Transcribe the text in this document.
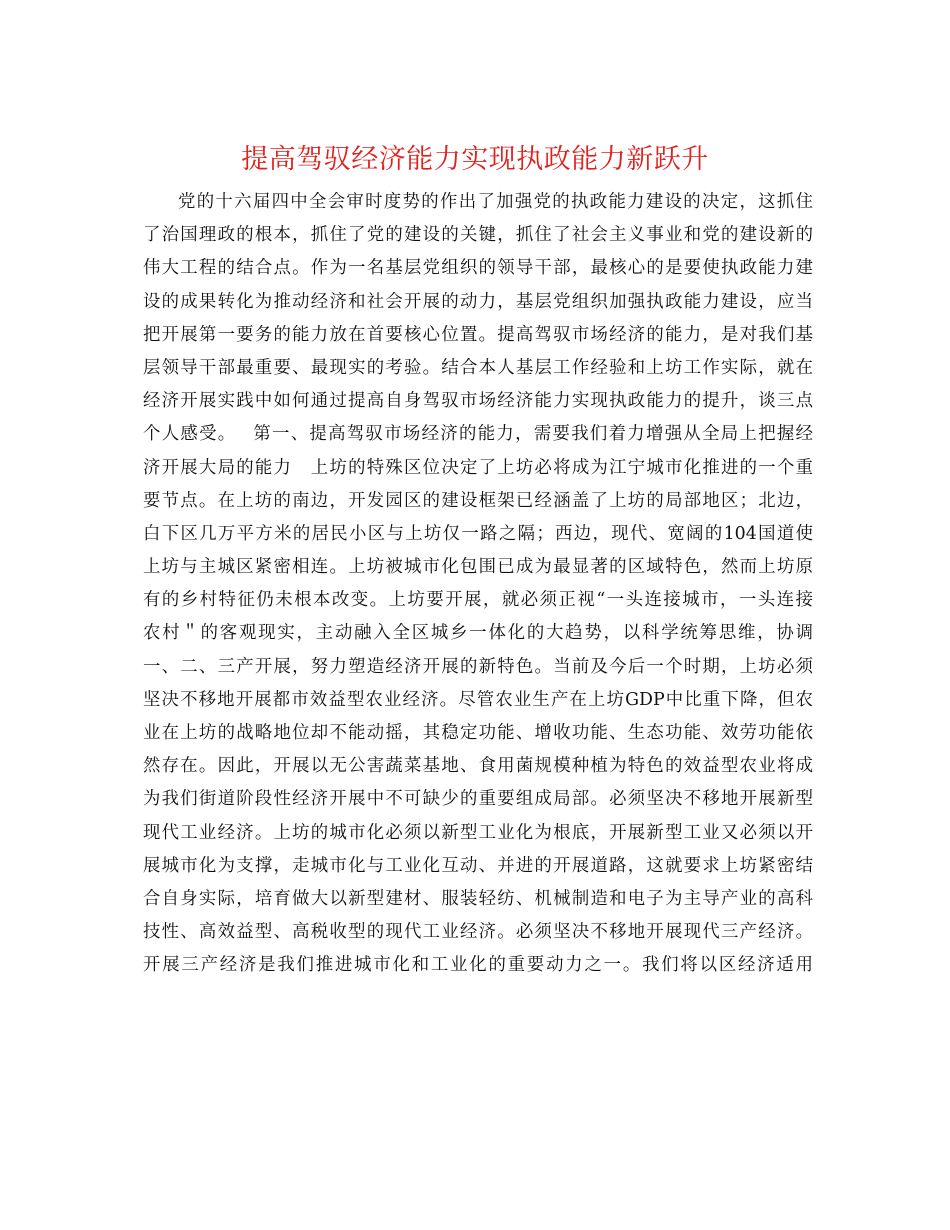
提高驾驭经济能力实现执政能力新跃升
党的十六届四中全会审时度势的作出了加强党的执政能力建设的决定，这抓住
了治国理政的根本，抓住了党的建设的关键，抓住了社会主义事业和党的建设新的
伟大工程的结合点。作为一名基层党组织的领导干部，最核心的是要使执政能力建
设的成果转化为推动经济和社会开展的动力，基层党组织加强执政能力建设，应当
把开展第一要务的能力放在首要核心位置。提高驾驭市场经济的能力，是对我们基
层领导干部最重要、最现实的考验。结合本人基层工作经验和上坊工作实际，就在
经济开展实践中如何通过提高自身驾驭市场经济能力实现执政能力的提升，谈三点
个人感受。　 第一、提高驾驭市场经济的能力，需要我们着力增强从全局上把握经
济开展大局的能力　上坊的特殊区位决定了上坊必将成为江宁城市化推进的一个重
要节点。在上坊的南边，开发园区的建设框架已经涵盖了上坊的局部地区；北边，
白下区几万平方米的居民小区与上坊仅一路之隔；西边，现代、宽阔的104国道使
上坊与主城区紧密相连。上坊被城市化包围已成为最显著的区域特色，然而上坊原
有的乡村特征仍未根本改变。上坊要开展，就必须正视“一头连接城市，一头连接
农村＂的客观现实，主动融入全区城乡一体化的大趋势，以科学统筹思维，协调
一、二、三产开展，努力塑造经济开展的新特色。当前及今后一个时期，上坊必须
坚决不移地开展都市效益型农业经济。尽管农业生产在上坊GDP中比重下降，但农
业在上坊的战略地位却不能动摇，其稳定功能、增收功能、生态功能、效劳功能依
然存在。因此，开展以无公害蔬菜基地、食用菌规模种植为特色的效益型农业将成
为我们街道阶段性经济开展中不可缺少的重要组成局部。必须坚决不移地开展新型
现代工业经济。上坊的城市化必须以新型工业化为根底，开展新型工业又必须以开
展城市化为支撑，走城市化与工业化互动、并进的开展道路，这就要求上坊紧密结
合自身实际，培育做大以新型建材、服装轻纺、机械制造和电子为主导产业的高科
技性、高效益型、高税收型的现代工业经济。必须坚决不移地开展现代三产经济。
开展三产经济是我们推进城市化和工业化的重要动力之一。我们将以区经济适用
